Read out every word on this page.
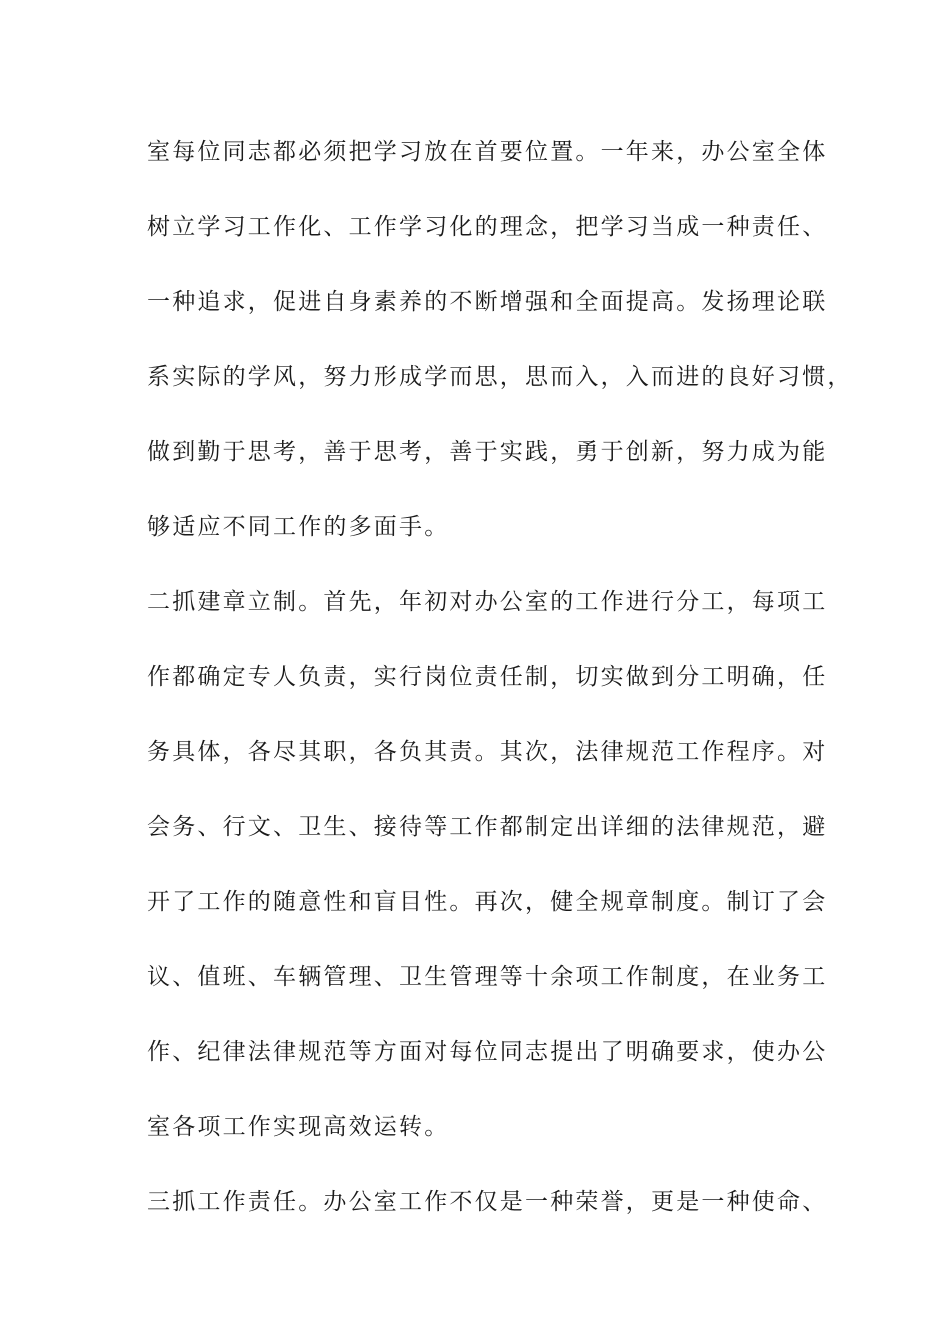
室每位同志都必须把学习放在首要位置。一年来，办公室全体
树立学习工作化、工作学习化的理念，把学习当成一种责任、
一种追求，促进自身素养的不断增强和全面提高。发扬理论联
系实际的学风，努力形成学而思，思而入，入而进的良好习惯，
做到勤于思考，善于思考，善于实践，勇于创新，努力成为能
够适应不同工作的多面手。
二抓建章立制。首先，年初对办公室的工作进行分工，每项工
作都确定专人负责，实行岗位责任制，切实做到分工明确，任
务具体，各尽其职，各负其责。其次，法律规范工作程序。对
会务、行文、卫生、接待等工作都制定出详细的法律规范，避
开了工作的随意性和盲目性。再次，健全规章制度。制订了会
议、值班、车辆管理、卫生管理等十余项工作制度，在业务工
作、纪律法律规范等方面对每位同志提出了明确要求，使办公
室各项工作实现高效运转。
三抓工作责任。办公室工作不仅是一种荣誉，更是一种使命、
